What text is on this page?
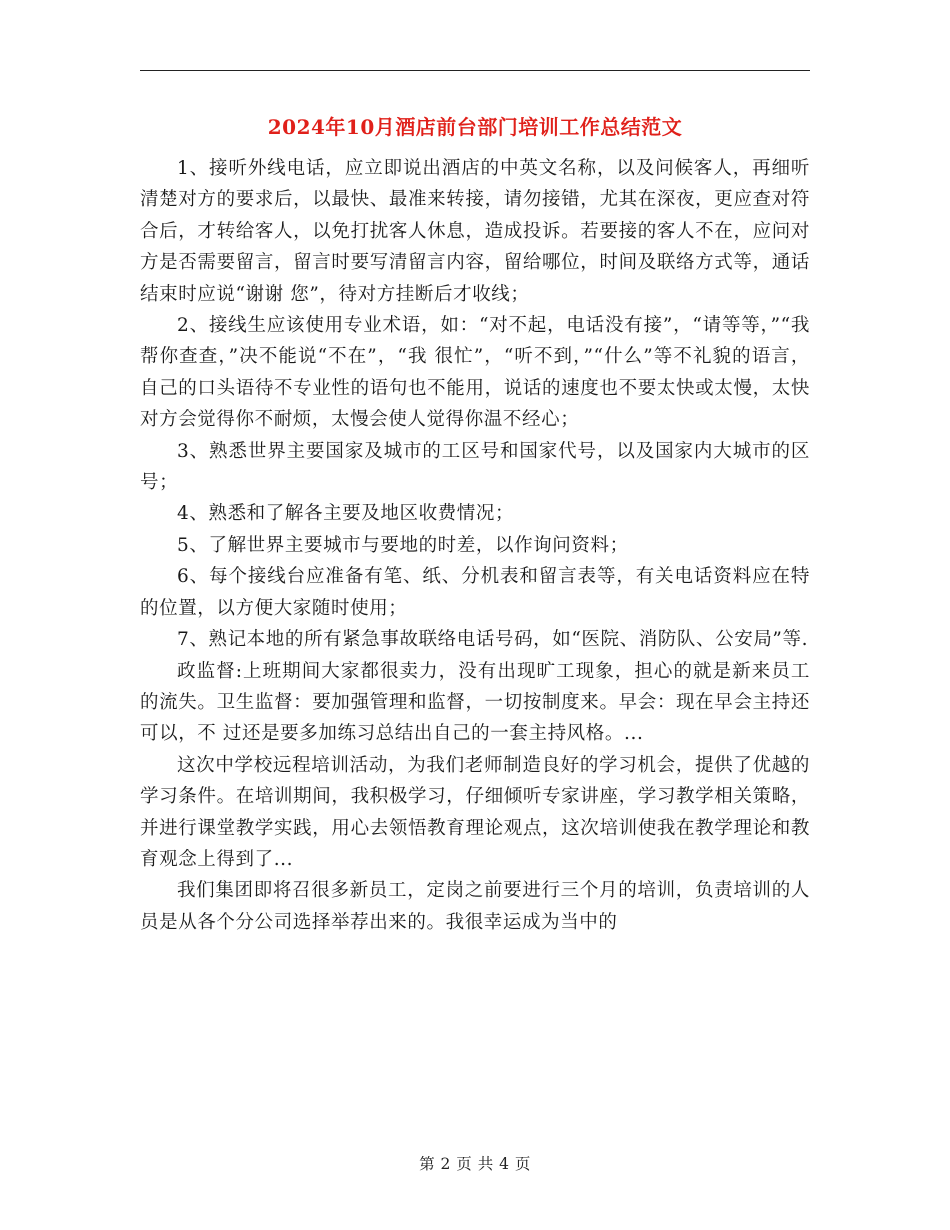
2024年10月酒店前台部门培训工作总结范文

1、接听外线电话，应立即说出酒店的中英文名称，以及问候客人，再细听清楚对方的要求后，以最快、最准来转接，请勿接错，尤其在深夜，更应查对符合后，才转给客人，以免打扰客人休息，造成投诉。若要接的客人不在，应问对方是否需要留言，留言时要写清留言内容，留给哪位，时间及联络方式等，通话结束时应说“谢谢 您”，待对方挂断后才收线；

2、接线生应该使用专业术语，如：“对不起，电话没有接”，“请等等，”“我帮你查查，”决不能说“不在”，“我 很忙”，“听不到，”“什么”等不礼貌的语言，自己的口头语待不专业性的语句也不能用，说话的速度也不要太快或太慢，太快对方会觉得你不耐烦，太慢会使人觉得你温不经心；

3、熟悉世界主要国家及城市的工区号和国家代号，以及国家内大城市的区号；

4、熟悉和了解各主要及地区收费情况；

5、了解世界主要城市与要地的时差，以作询问资料；

6、每个接线台应准备有笔、纸、分机表和留言表等，有关电话资料应在特的位置，以方便大家随时使用；

7、熟记本地的所有紧急事故联络电话号码，如“医院、消防队、公安局”等.

政监督:上班期间大家都很卖力，没有出现旷工现象，担心的就是新来员工的流失。卫生监督：要加强管理和监督，一切按制度来。早会：现在早会主持还可以，不 过还是要多加练习总结出自己的一套主持风格。...

这次中学校远程培训活动，为我们老师制造良好的学习机会，提供了优越的学习条件。在培训期间，我积极学习，仔细倾听专家讲座，学习教学相关策略，并进行课堂教学实践，用心去领悟教育理论观点，这次培训使我在教学理论和教育观念上得到了...

我们集团即将召很多新员工，定岗之前要进行三个月的培训，负责培训的人员是从各个分公司选择举荐出来的。我很幸运成为当中的

第 2 页 共 4 页
